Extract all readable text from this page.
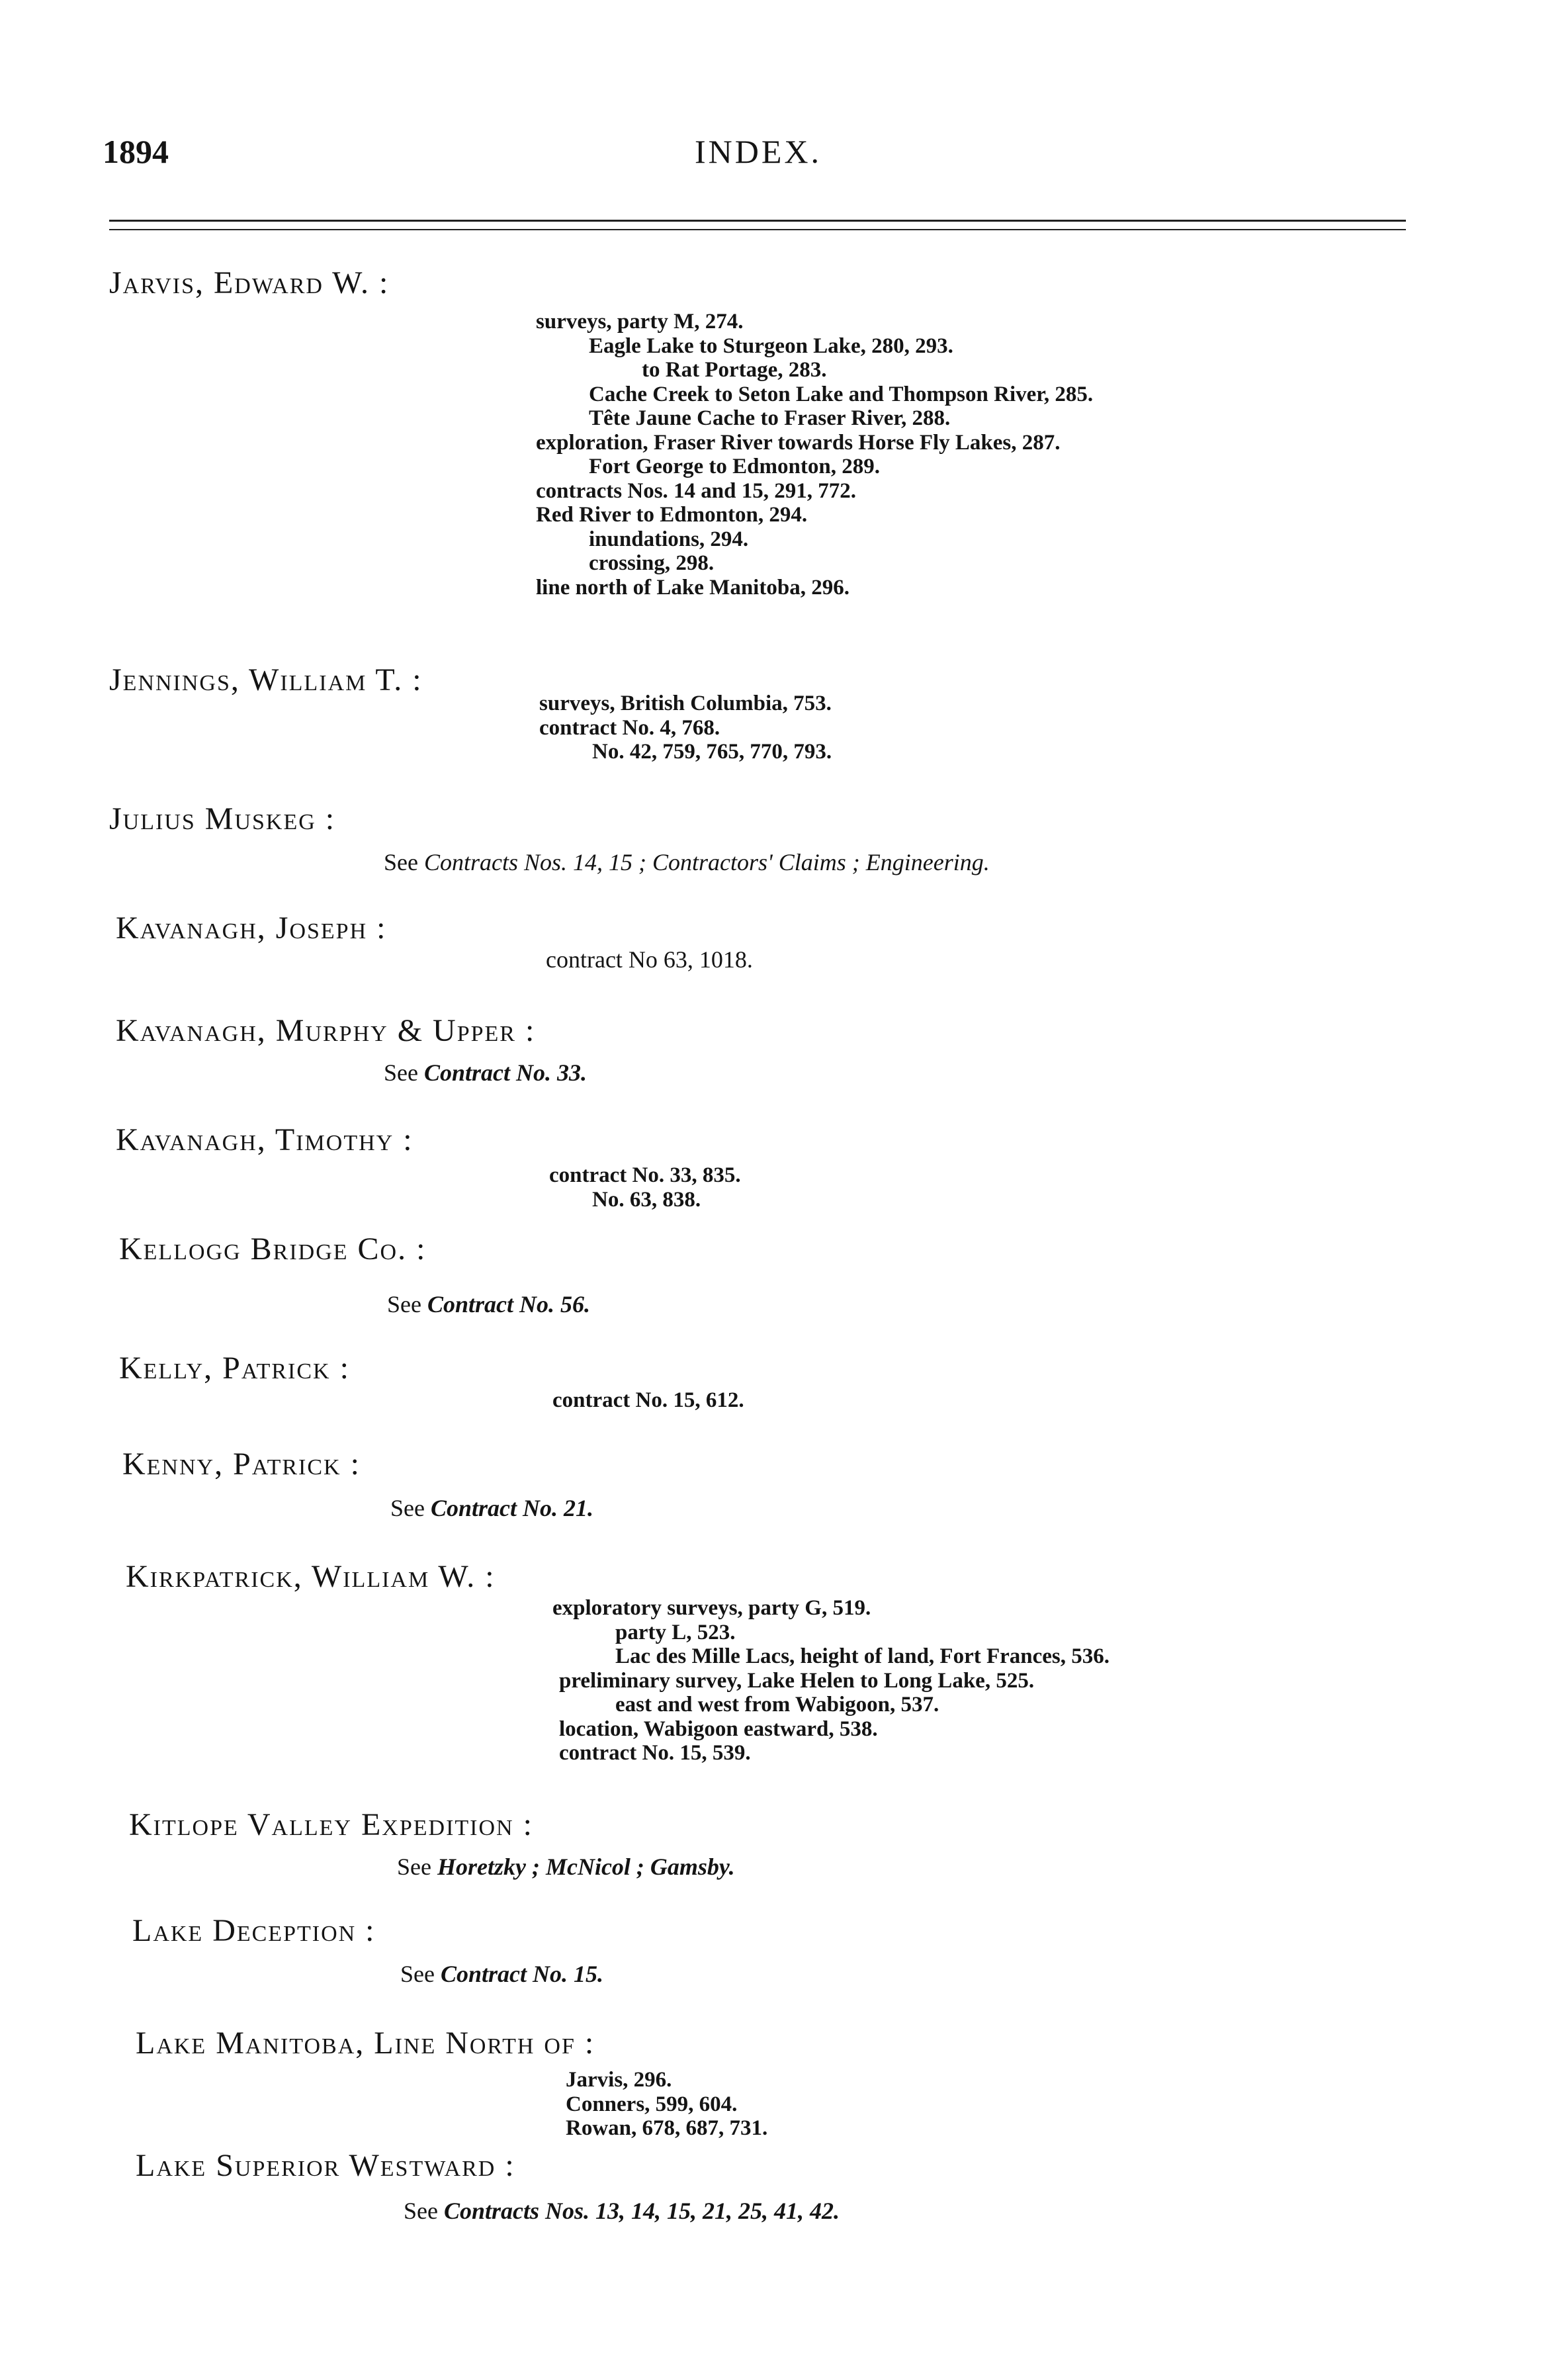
1894	INDEX.
Jarvis, Edward W. :
surveys, party M, 274.
Eagle Lake to Sturgeon Lake, 280, 293.
to Rat Portage, 283.
Cache Creek to Seton Lake and Thompson River, 285.
Tête Jaune Cache to Fraser River, 288.
exploration, Fraser River towards Horse Fly Lakes, 287.
Fort George to Edmonton, 289.
contracts Nos. 14 and 15, 291, 772.
Red River to Edmonton, 294.
inundations, 294.
crossing, 298.
line north of Lake Manitoba, 296.
Jennings, William T. :
surveys, British Columbia, 753.
contract No. 4, 768.
No. 42, 759, 765, 770, 793.
Julius Muskeg :
See Contracts Nos. 14, 15 ; Contractors' Claims ; Engineering.
Kavanagh, Joseph :
contract No 63, 1018.
Kavanagh, Murphy & Upper :
See Contract No. 33.
Kavanagh, Timothy :
contract No. 33, 835.
No. 63, 838.
Kellogg Bridge Co. :
See Contract No. 56.
Kelly, Patrick :
contract No. 15, 612.
Kenny, Patrick :
See Contract No. 21.
Kirkpatrick, William W. :
exploratory surveys, party G, 519.
party L, 523.
Lac des Mille Lacs, height of land, Fort Frances, 536.
preliminary survey, Lake Helen to Long Lake, 525.
east and west from Wabigoon, 537.
location, Wabigoon eastward, 538.
contract No. 15, 539.
Kitlope Valley Expedition :
See Horetzky ; McNicol ; Gamsby.
Lake Deception :
See Contract No. 15.
Lake Manitoba, Line North of :
Jarvis, 296.
Conners, 599, 604.
Rowan, 678, 687, 731.
Lake Superior Westward :
See Contracts Nos. 13, 14, 15, 21, 25, 41, 42.
